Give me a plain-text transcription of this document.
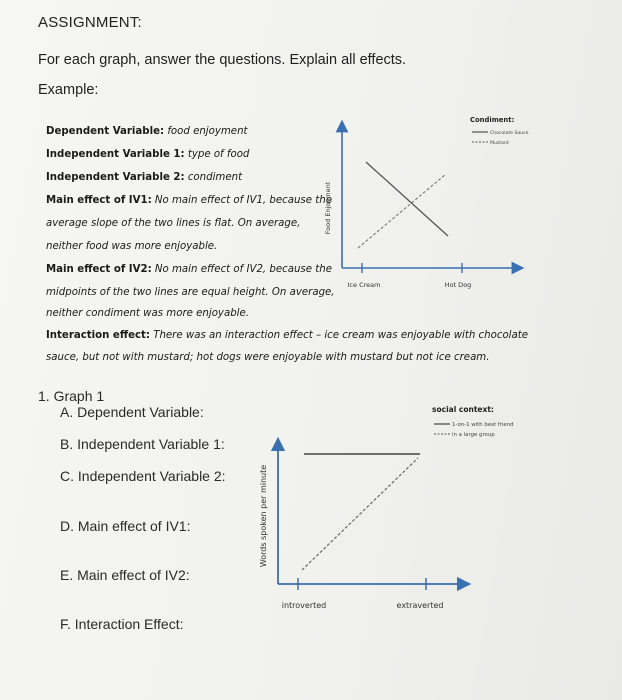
ASSIGNMENT:
For each graph, answer the questions. Explain all effects.
Example:
Dependent Variable: food enjoyment
Independent Variable 1: type of food
Independent Variable 2: condiment
Main effect of IV1: No main effect of IV1, because the
average slope of the two lines is flat. On average,
neither food was more enjoyable.
Main effect of IV2: No main effect of IV2, because the
midpoints of the two lines are equal height. On average,
neither condiment was more enjoyable.
Interaction effect: There was an interaction effect – ice cream was enjoyable with chocolate
sauce, but not with mustard; hot dogs were enjoyable with mustard but not ice cream.
Food Enjoyment
Ice Cream	Hot Dog
Condiment:
Chocolate Sauce
Mustard
1. Graph 1
A. Dependent Variable:
B. Independent Variable 1:
C. Independent Variable 2:
D. Main effect of IV1:
E. Main effect of IV2:
F. Interaction Effect:
Words spoken per minute
introverted	extraverted
social context:
1-on-1 with best friend
in a large group
